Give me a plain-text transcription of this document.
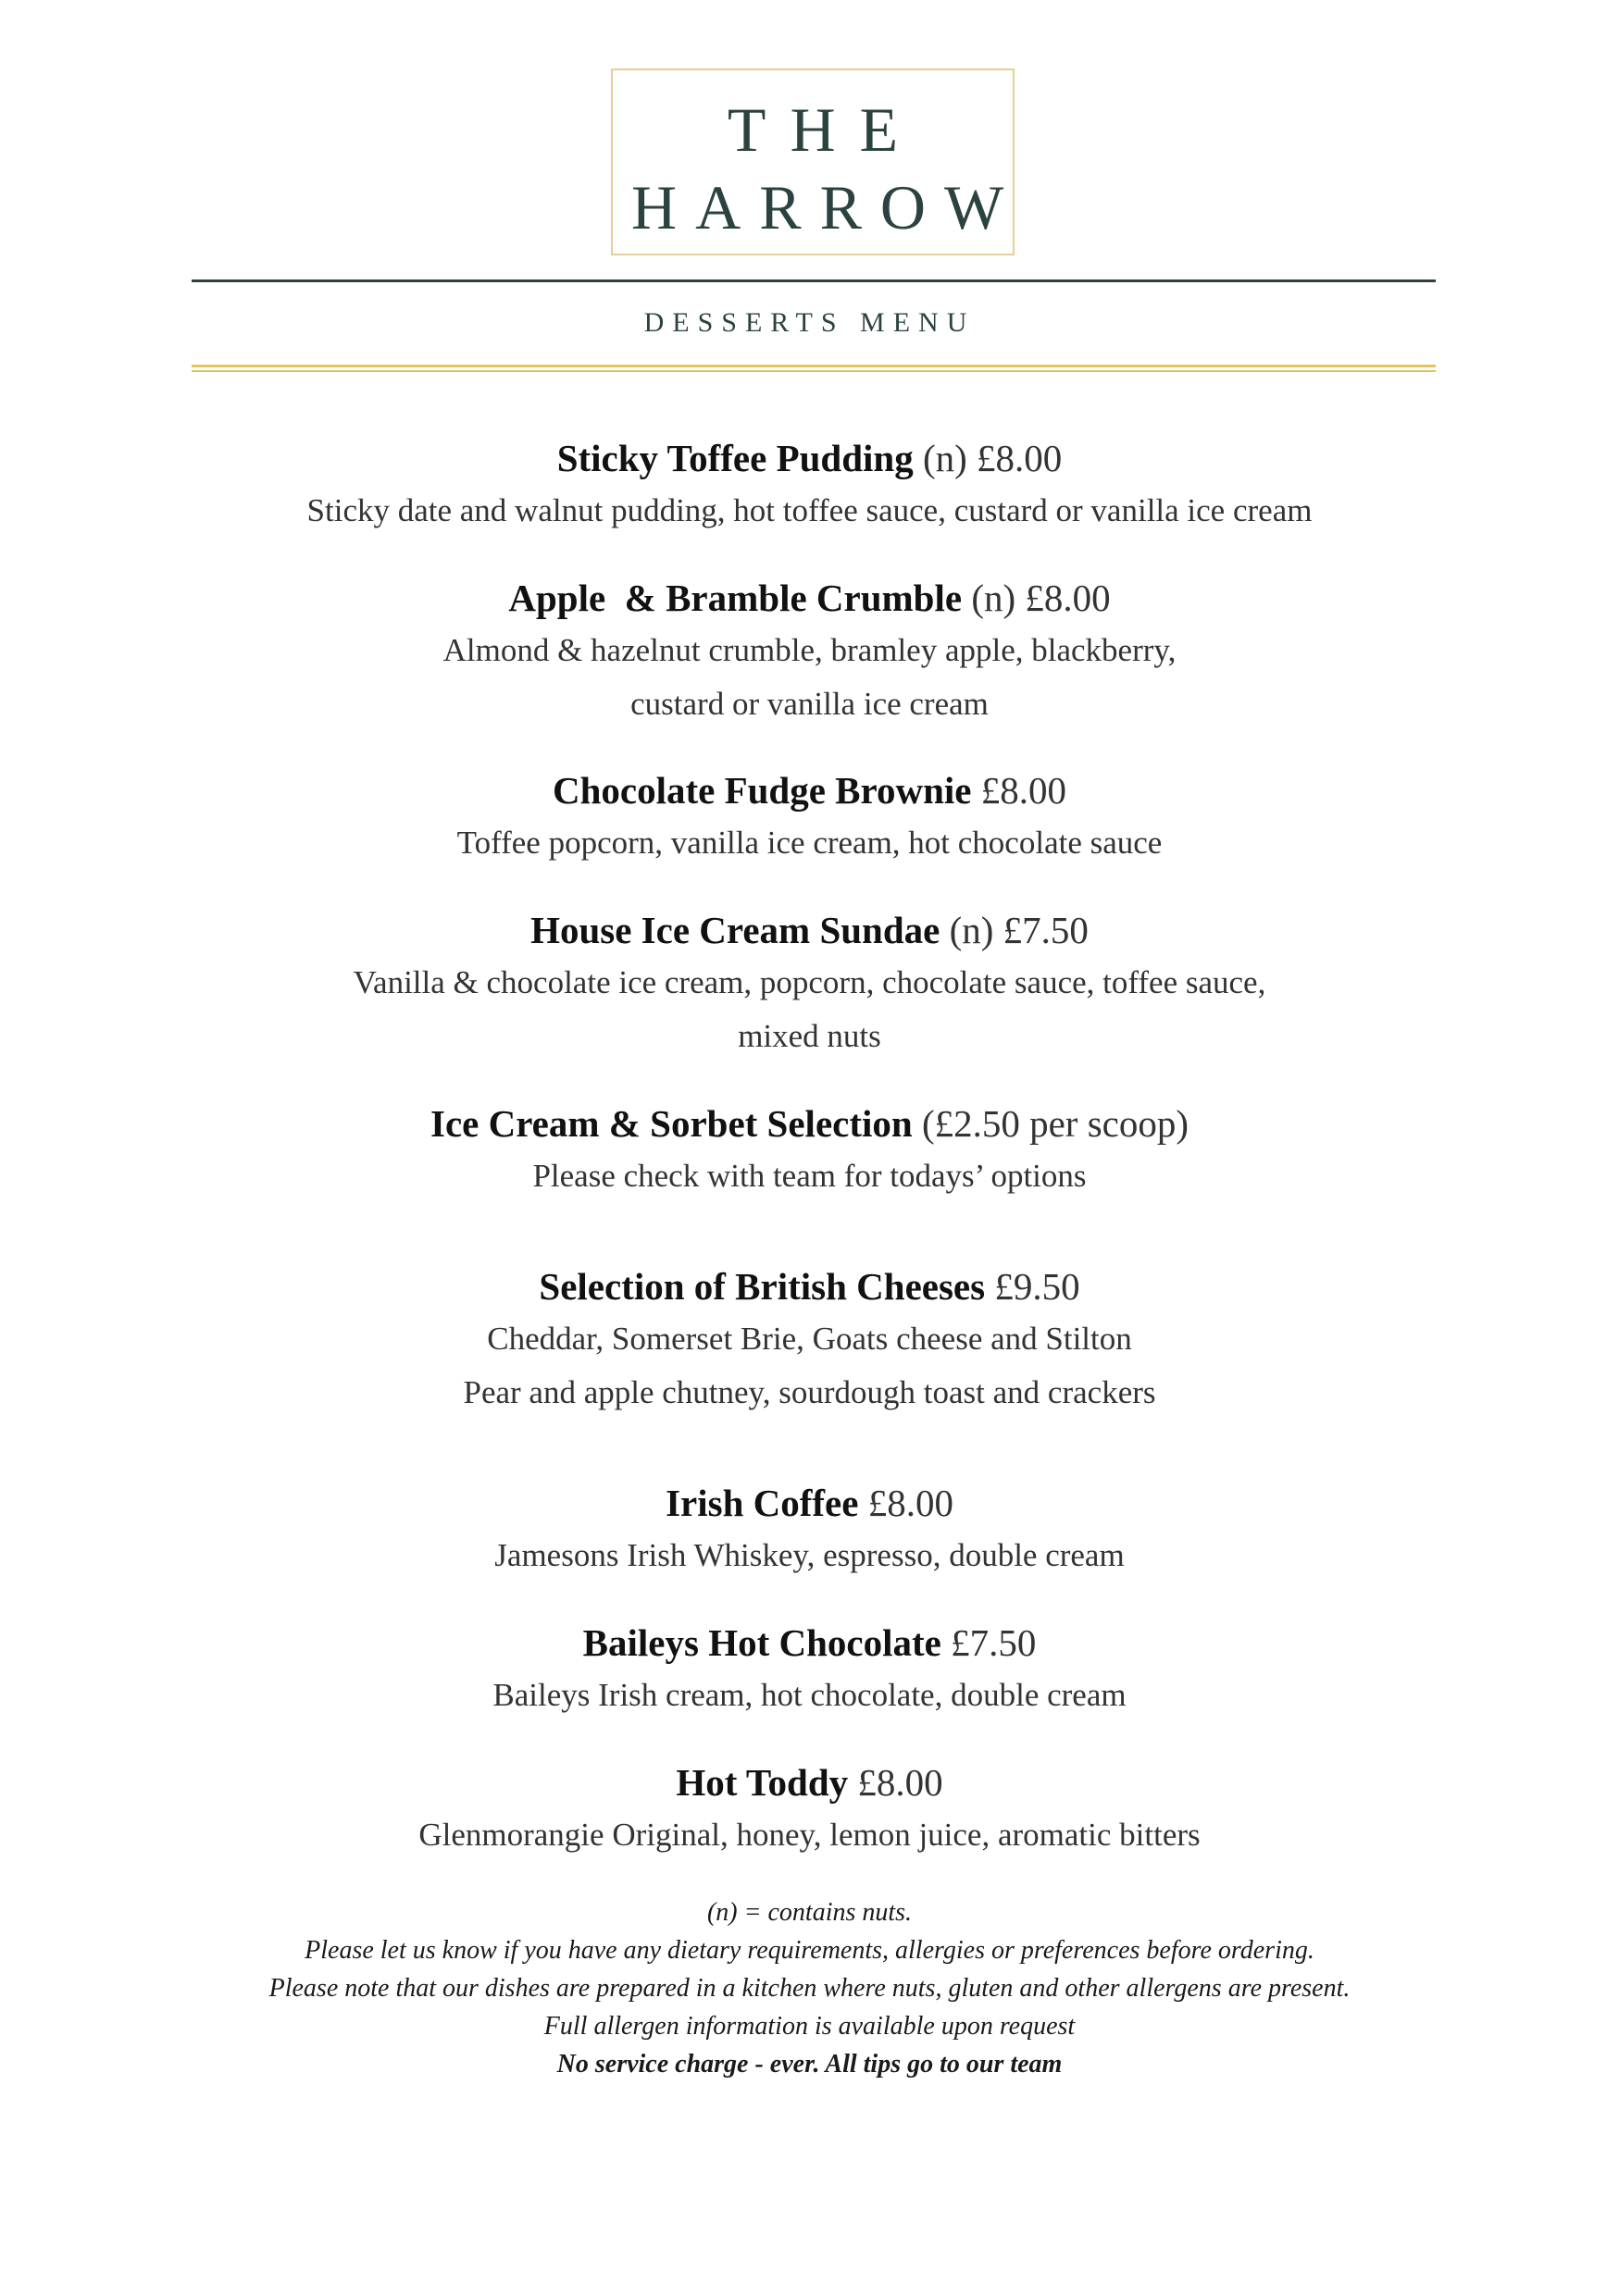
THE
HARROW
DESSERTS MENU
Sticky Toffee Pudding (n) £8.00
Sticky date and walnut pudding, hot toffee sauce, custard or vanilla ice cream
Apple  & Bramble Crumble (n) £8.00
Almond & hazelnut crumble, bramley apple, blackberry,
custard or vanilla ice cream
Chocolate Fudge Brownie £8.00
Toffee popcorn, vanilla ice cream, hot chocolate sauce
House Ice Cream Sundae (n) £7.50
Vanilla & chocolate ice cream, popcorn, chocolate sauce, toffee sauce,
mixed nuts
Ice Cream & Sorbet Selection (£2.50 per scoop)
Please check with team for todays’ options
Selection of British Cheeses £9.50
Cheddar, Somerset Brie, Goats cheese and Stilton
Pear and apple chutney, sourdough toast and crackers
Irish Coffee £8.00
Jamesons Irish Whiskey, espresso, double cream
Baileys Hot Chocolate £7.50
Baileys Irish cream, hot chocolate, double cream
Hot Toddy £8.00
Glenmorangie Original, honey, lemon juice, aromatic bitters
(n) = contains nuts.
Please let us know if you have any dietary requirements, allergies or preferences before ordering.
Please note that our dishes are prepared in a kitchen where nuts, gluten and other allergens are present.
Full allergen information is available upon request
No service charge - ever. All tips go to our team
